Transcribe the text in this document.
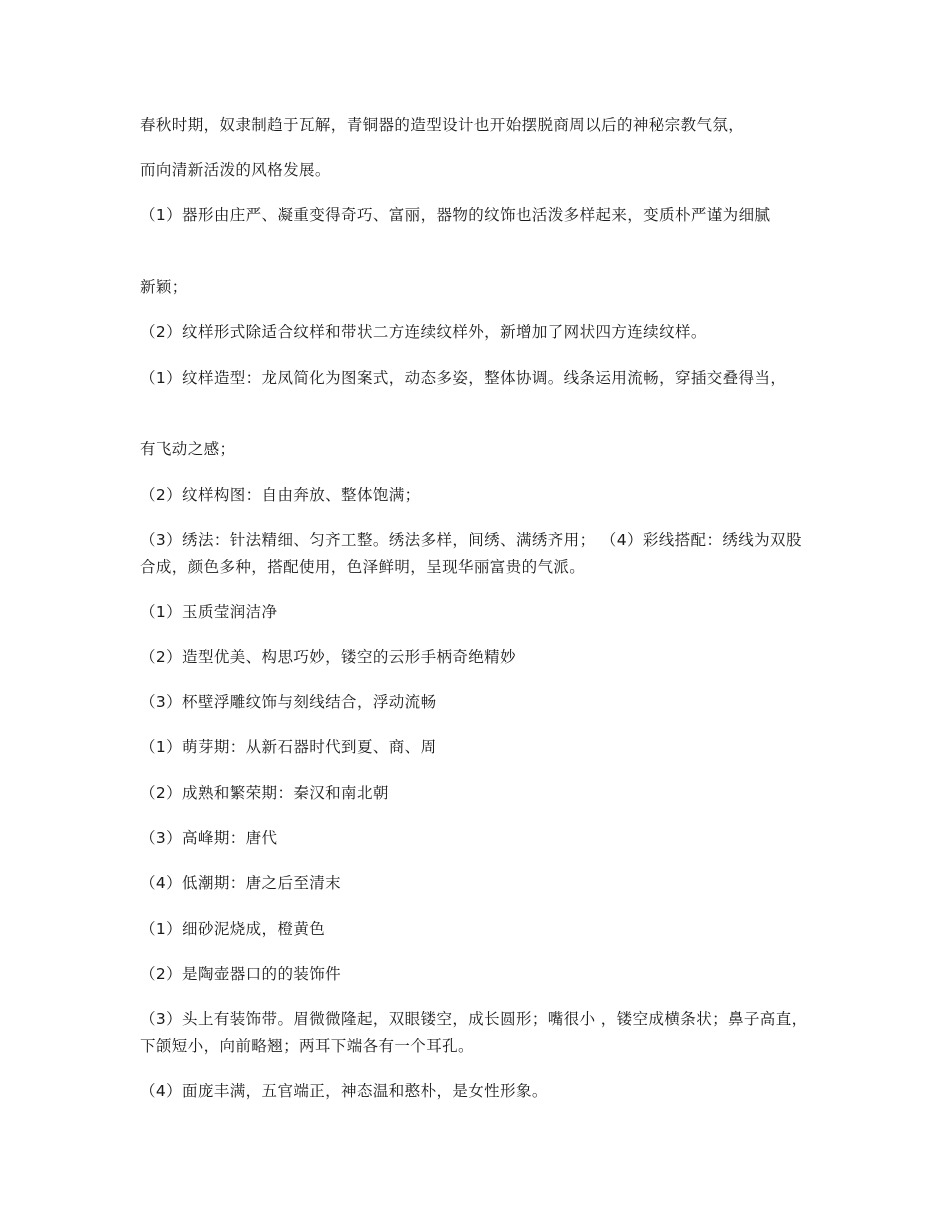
春秋时期，奴隶制趋于瓦解，青铜器的造型设计也开始摆脱商周以后的神秘宗教气氛，

而向清新活泼的风格发展。

（1）器形由庄严、凝重变得奇巧、富丽，器物的纹饰也活泼多样起来，变质朴严谨为细腻

新颖；

（2）纹样形式除适合纹样和带状二方连续纹样外，新增加了网状四方连续纹样。

（1）纹样造型：龙凤简化为图案式，动态多姿，整体协调。线条运用流畅，穿插交叠得当，

有飞动之感；

（2）纹样构图：自由奔放、整体饱满；

（3）绣法：针法精细、匀齐工整。绣法多样，间绣、满绣齐用； （4）彩线搭配：绣线为双股合成，颜色多种，搭配使用，色泽鲜明，呈现华丽富贵的气派。

（1）玉质莹润洁净

（2）造型优美、构思巧妙，镂空的云形手柄奇绝精妙

（3）杯壁浮雕纹饰与刻线结合，浮动流畅

（1）萌芽期：从新石器时代到夏、商、周

（2）成熟和繁荣期：秦汉和南北朝

（3）高峰期：唐代

（4）低潮期：唐之后至清末

（1）细砂泥烧成，橙黄色

（2）是陶壶器口的的装饰件

（3）头上有装饰带。眉微微隆起，双眼镂空，成长圆形；嘴很小 ，镂空成横条状；鼻子高直，下颌短小，向前略翘；两耳下端各有一个耳孔。

（4）面庞丰满，五官端正，神态温和憨朴，是女性形象。
